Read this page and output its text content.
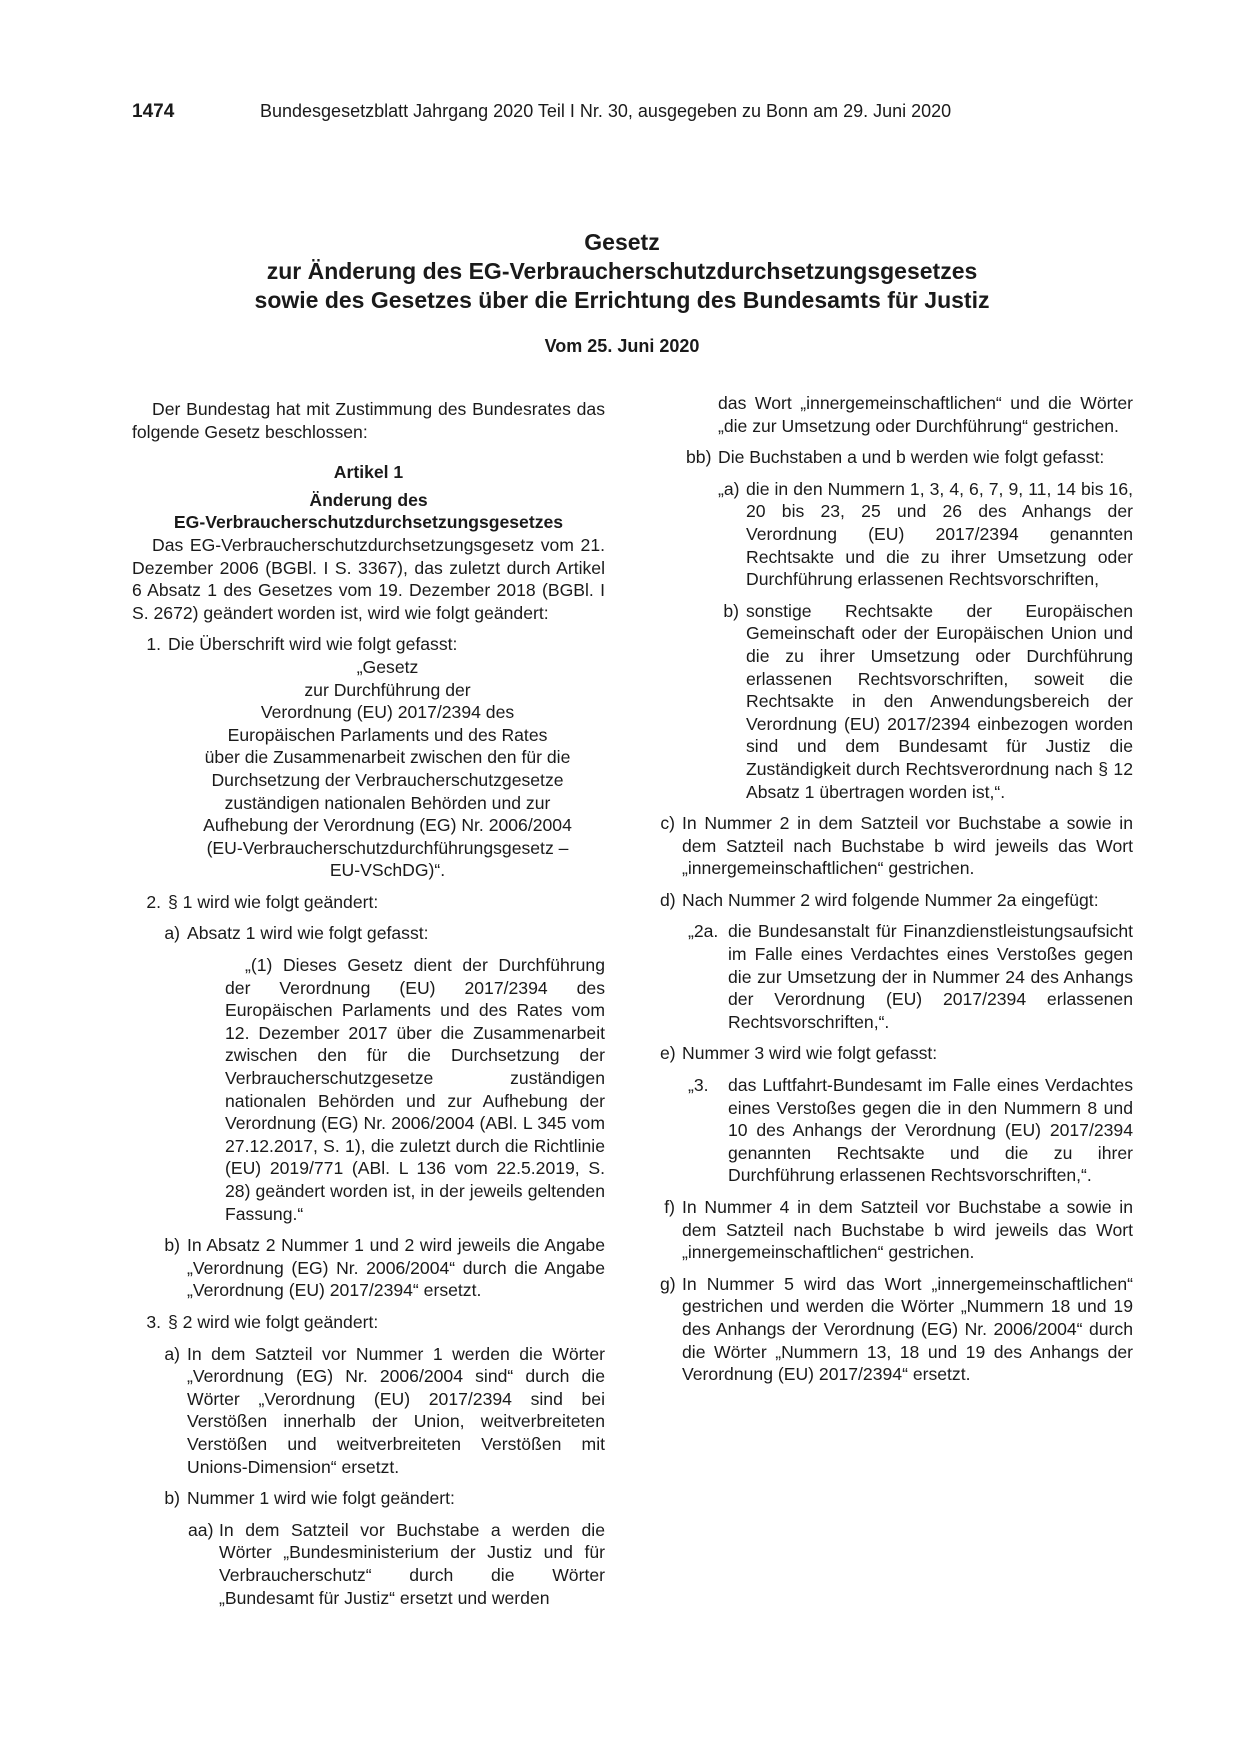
1474	Bundesgesetzblatt Jahrgang 2020 Teil I Nr. 30, ausgegeben zu Bonn am 29. Juni 2020
Gesetz
zur Änderung des EG-Verbraucherschutzdurchsetzungsgesetzes
sowie des Gesetzes über die Errichtung des Bundesamts für Justiz
Vom 25. Juni 2020

Der Bundestag hat mit Zustimmung des Bundesrates das folgende Gesetz beschlossen:

Artikel 1

Änderung des

EG-Verbraucherschutzdurchsetzungsgesetzes

Das EG-Verbraucherschutzdurchsetzungsgesetz vom 21. Dezember 2006 (BGBl. I S. 3367), das zuletzt durch Artikel 6 Absatz 1 des Gesetzes vom 19. Dezember 2018 (BGBl. I S. 2672) geändert worden ist, wird wie folgt geändert:

1. Die Überschrift wird wie folgt gefasst:
„Gesetz
zur Durchführung der
Verordnung (EU) 2017/2394 des
Europäischen Parlaments und des Rates
über die Zusammenarbeit zwischen den für die
Durchsetzung der Verbraucherschutzgesetze
zuständigen nationalen Behörden und zur
Aufhebung der Verordnung (EG) Nr. 2006/2004
(EU-Verbraucherschutzdurchführungsgesetz –
EU-VSchDG)“.
2. § 1 wird wie folgt geändert:
a) Absatz 1 wird wie folgt gefasst:

„(1) Dieses Gesetz dient der Durchführung der Verordnung (EU) 2017/2394 des Europäischen Parlaments und des Rates vom 12. Dezember 2017 über die Zusammenarbeit zwischen den für die Durchsetzung der Verbraucherschutzgesetze zuständigen nationalen Behörden und zur Aufhebung der Verordnung (EG) Nr. 2006/2004 (ABl. L 345 vom 27.12.2017, S. 1), die zuletzt durch die Richtlinie (EU) 2019/771 (ABl. L 136 vom 22.5.2019, S. 28) geändert worden ist, in der jeweils geltenden Fassung.“

b) In Absatz 2 Nummer 1 und 2 wird jeweils die Angabe „Verordnung (EG) Nr. 2006/2004“ durch die Angabe „Verordnung (EU) 2017/2394“ ersetzt.
3. § 2 wird wie folgt geändert:
a) In dem Satzteil vor Nummer 1 werden die Wörter „Verordnung (EG) Nr. 2006/2004 sind“ durch die Wörter „Verordnung (EU) 2017/2394 sind bei Verstößen innerhalb der Union, weitverbreiteten Verstößen und weitverbreiteten Verstößen mit Unions-Dimension“ ersetzt.
b) Nummer 1 wird wie folgt geändert:
aa) In dem Satzteil vor Buchstabe a werden die Wörter „Bundesministerium der Justiz und für Verbraucherschutz“ durch die Wörter „Bundesamt für Justiz“ ersetzt und werden

das Wort „innergemeinschaftlichen“ und die Wörter „die zur Umsetzung oder Durchführung“ gestrichen.

bb) Die Buchstaben a und b werden wie folgt gefasst:
„a) die in den Nummern 1, 3, 4, 6, 7, 9, 11, 14 bis 16, 20 bis 23, 25 und 26 des Anhangs der Verordnung (EU) 2017/2394 genannten Rechtsakte und die zu ihrer Umsetzung oder Durchführung erlassenen Rechtsvorschriften,
b) sonstige Rechtsakte der Europäischen Gemeinschaft oder der Europäischen Union und die zu ihrer Umsetzung oder Durchführung erlassenen Rechtsvorschriften, soweit die Rechtsakte in den Anwendungsbereich der Verordnung (EU) 2017/2394 einbezogen worden sind und dem Bundesamt für Justiz die Zuständigkeit durch Rechtsverordnung nach § 12 Absatz 1 übertragen worden ist,“.
c) In Nummer 2 in dem Satzteil vor Buchstabe a sowie in dem Satzteil nach Buchstabe b wird jeweils das Wort „innergemeinschaftlichen“ gestrichen.
d) Nach Nummer 2 wird folgende Nummer 2a eingefügt:
„2a. die Bundesanstalt für Finanzdienstleistungsaufsicht im Falle eines Verdachtes eines Verstoßes gegen die zur Umsetzung der in Nummer 24 des Anhangs der Verordnung (EU) 2017/2394 erlassenen Rechtsvorschriften,“.
e) Nummer 3 wird wie folgt gefasst:
„3.	das Luftfahrt-Bundesamt im Falle eines Verdachtes eines Verstoßes gegen die in den Nummern 8 und 10 des Anhangs der Verordnung (EU) 2017/2394 genannten Rechtsakte und die zu ihrer Durchführung erlassenen Rechtsvorschriften,“.
f) In Nummer 4 in dem Satzteil vor Buchstabe a sowie in dem Satzteil nach Buchstabe b wird jeweils das Wort „innergemeinschaftlichen“ gestrichen.
g) In Nummer 5 wird das Wort „innergemeinschaftlichen“ gestrichen und werden die Wörter „Nummern 18 und 19 des Anhangs der Verordnung (EG) Nr. 2006/2004“ durch die Wörter „Nummern 13, 18 und 19 des Anhangs der Verordnung (EU) 2017/2394“ ersetzt.
